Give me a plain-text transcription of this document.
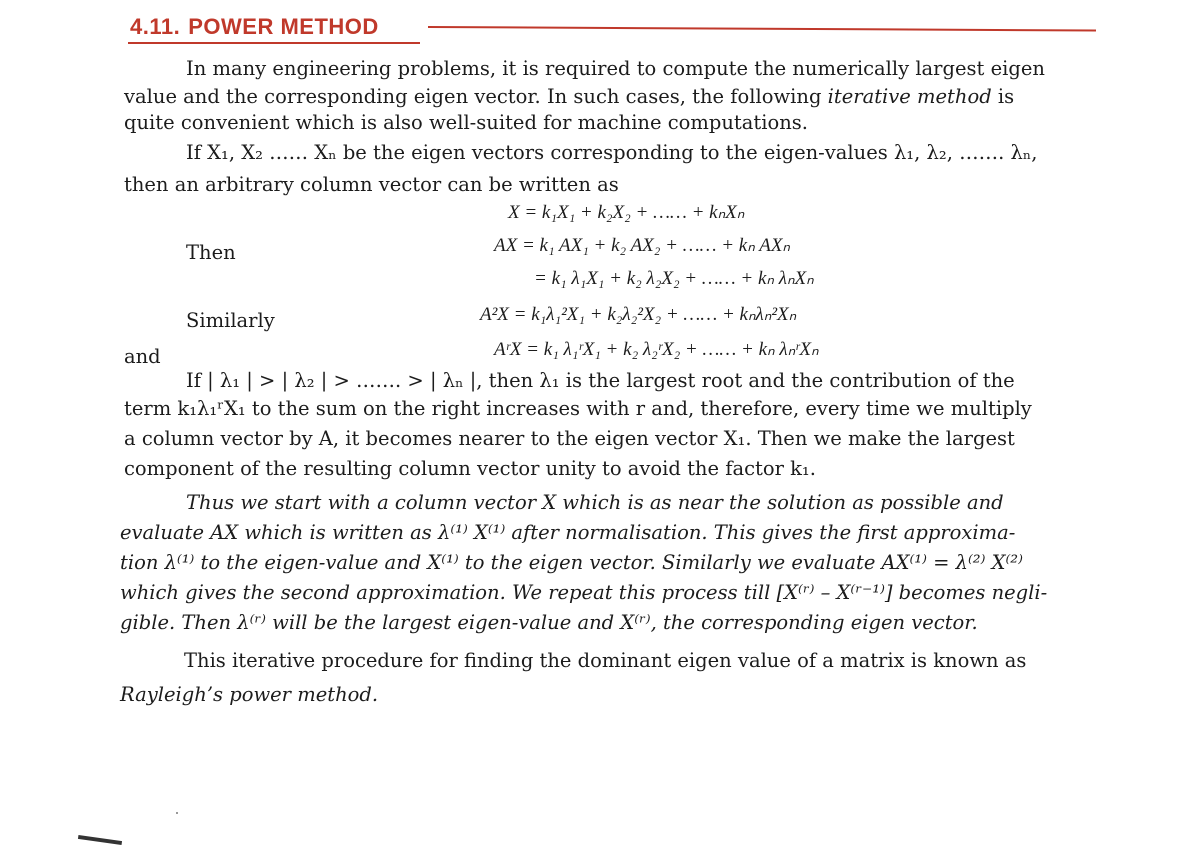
4.11. POWER METHOD
In many engineering problems, it is required to compute the numerically largest eigen
value and the corresponding eigen vector. In such cases, the following iterative method is
quite convenient which is also well-suited for machine computations.
If X₁, X₂ …… Xₙ be the eigen vectors corresponding to the eigen-values λ₁, λ₂, ……. λₙ,
then an arbitrary column vector can be written as
X = k₁X₁ + k₂X₂ + …… + kₙXₙ
Then	AX = k₁ AX₁ + k₂ AX₂ + …… + kₙ AXₙ
= k₁ λ₁X₁ + k₂ λ₂X₂ + …… + kₙ λₙXₙ
Similarly	A²X = k₁λ₁²X₁ + k₂λ₂²X₂ + …… + kₙλₙ²Xₙ
and	AʳX = k₁ λ₁ʳX₁ + k₂ λ₂ʳX₂ + …… + kₙ λₙʳXₙ
If | λ₁ | > | λ₂ | > ……. > | λₙ |, then λ₁ is the largest root and the contribution of the
term k₁λ₁ʳX₁ to the sum on the right increases with r and, therefore, every time we multiply
a column vector by A, it becomes nearer to the eigen vector X₁. Then we make the largest
component of the resulting column vector unity to avoid the factor k₁.
Thus we start with a column vector X which is as near the solution as possible and
evaluate AX which is written as λ⁽¹⁾ X⁽¹⁾ after normalisation. This gives the first approxima-
tion λ⁽¹⁾ to the eigen-value and X⁽¹⁾ to the eigen vector. Similarly we evaluate AX⁽¹⁾ = λ⁽²⁾ X⁽²⁾
which gives the second approximation. We repeat this process till [X⁽ʳ⁾ – X⁽ʳ⁻¹⁾] becomes negli-
gible. Then λ⁽ʳ⁾ will be the largest eigen-value and X⁽ʳ⁾, the corresponding eigen vector.
This iterative procedure for finding the dominant eigen value of a matrix is known as
Rayleigh’s power method.
